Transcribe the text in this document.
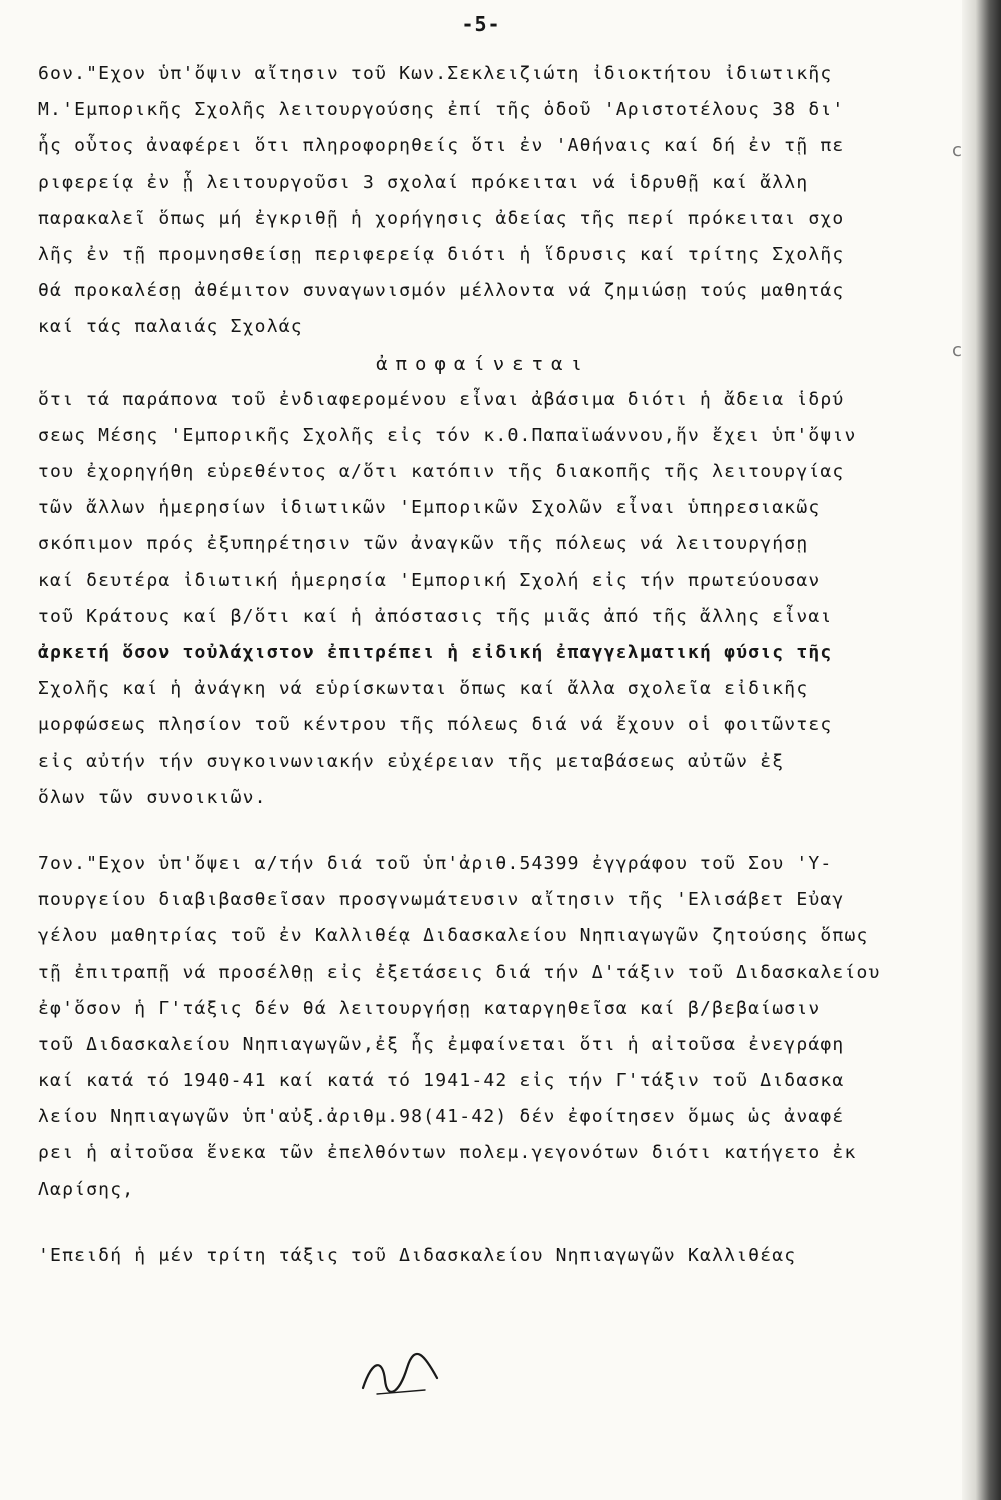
c
c
-5-
6ον."Εχον ὑπ'ὄψιν αἴτησιν τοῦ Κων.Σεκλειζιώτη ἰδιοκτήτου ἰδιωτικῆς
Μ.'Εμπορικῆς Σχολῆς λειτουργούσης ἐπί τῆς ὁδοῦ 'Αριστοτέλους 38 δι'
ἧς οὗτος ἀναφέρει ὅτι πληροφορηθείς ὅτι ἐν 'Αθήναις καί δή ἐν τῇ πε
ριφερείᾳ ἐν ᾗ λειτουργοῦσι 3 σχολαί πρόκειται νά ἱδρυθῇ καί ἄλλη
παρακαλεῖ ὅπως μή ἐγκριθῇ ἡ χορήγησις ἀδείας τῆς περί πρόκειται σχο
λῆς ἐν τῇ προμνησθείσῃ περιφερείᾳ διότι ἡ ἵδρυσις καί τρίτης Σχολῆς
θά προκαλέσῃ ἀθέμιτον συναγωνισμόν μέλλοντα νά ζημιώσῃ τούς μαθητάς
καί τάς παλαιάς Σχολάς
ἀποφαίνεται
ὅτι τά παράπονα τοῦ ἐνδιαφερομένου εἶναι ἀβάσιμα διότι ἡ ἄδεια ἱδρύ
σεως Μέσης 'Εμπορικῆς Σχολῆς εἰς τόν κ.Θ.Παπαϊωάννου,ἥν ἔχει ὑπ'ὄψιν
του ἐχορηγήθη εὑρεθέντος α/ὅτι κατόπιν τῆς διακοπῆς τῆς λειτουργίας
τῶν ἄλλων ἡμερησίων ἰδιωτικῶν 'Εμπορικῶν Σχολῶν εἶναι ὑπηρεσιακῶς
σκόπιμον πρός ἐξυπηρέτησιν τῶν ἀναγκῶν τῆς πόλεως νά λειτουργήσῃ
καί δευτέρα ἰδιωτική ἡμερησία 'Εμπορική Σχολή εἰς τήν πρωτεύουσαν
τοῦ Κράτους καί β/ὅτι καί ἡ ἀπόστασις τῆς μιᾶς ἀπό τῆς ἄλλης εἶναι
ἀρκετή ὅσον τοὐλάχιστον ἐπιτρέπει ἡ εἰδική ἐπαγγελματική φύσις τῆς
Σχολῆς καί ἡ ἀνάγκη νά εὑρίσκωνται ὅπως καί ἄλλα σχολεῖα εἰδικῆς
μορφώσεως πλησίον τοῦ κέντρου τῆς πόλεως διά νά ἔχουν οἱ φοιτῶντες
εἰς αὐτήν τήν συγκοινωνιακήν εὐχέρειαν τῆς μεταβάσεως αὐτῶν ἐξ
ὅλων τῶν συνοικιῶν.
7ον."Εχον ὑπ'ὄψει α/τήν διά τοῦ ὑπ'ἀριθ.54399 ἐγγράφου τοῦ Σου 'Υ-
πουργείου διαβιβασθεῖσαν προσγνωμάτευσιν αἴτησιν τῆς 'Ελισάβετ Εὐαγ
γέλου μαθητρίας τοῦ ἐν Καλλιθέᾳ Διδασκαλείου Νηπιαγωγῶν ζητούσης ὅπως
τῇ ἐπιτραπῇ νά προσέλθῃ εἰς ἐξετάσεις διά τήν Δ'τάξιν τοῦ Διδασκαλείου
ἐφ'ὅσον ἡ Γ'τάξις δέν θά λειτουργήσῃ καταργηθεῖσα καί β/βεβαίωσιν
τοῦ Διδασκαλείου Νηπιαγωγῶν,ἐξ ἧς ἐμφαίνεται ὅτι ἡ αἰτοῦσα ἐνεγράφη
καί κατά τό 1940-41 καί κατά τό 1941-42 εἰς τήν Γ'τάξιν τοῦ Διδασκα
λείου Νηπιαγωγῶν ὑπ'αὐξ.ἀριθμ.98(41-42) δέν ἐφοίτησεν ὅμως ὡς ἀναφέ
ρει ἡ αἰτοῦσα ἕνεκα τῶν ἐπελθόντων πολεμ.γεγονότων διότι κατήγετο ἐκ
Λαρίσης,
'Επειδή ἡ μέν τρίτη τάξις τοῦ Διδασκαλείου Νηπιαγωγῶν Καλλιθέας
